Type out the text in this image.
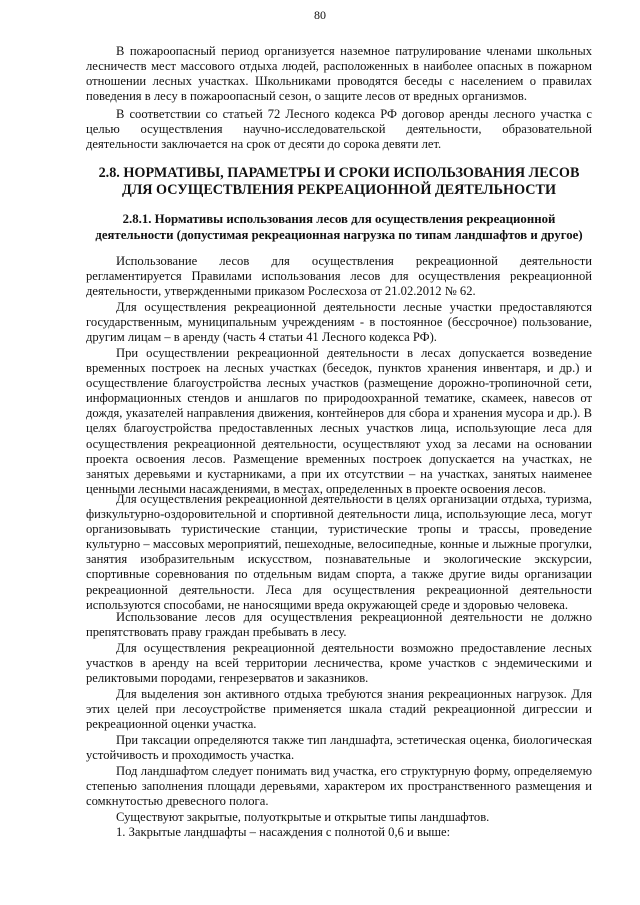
80

В пожароопасный период организуется наземное патрулирование членами школьных лесничеств мест массового отдыха людей, расположенных в наиболее опасных в пожарном отношении лесных участках. Школьниками проводятся беседы с населением о правилах поведения в лесу в пожароопасный сезон, о защите лесов от вредных организмов.

В соответствии со статьей 72 Лесного кодекса РФ договор аренды лесного участка с целью осуществления научно-исследовательской деятельности, образовательной деятельности заключается на срок от десяти до сорока девяти лет.

2.8. НОРМАТИВЫ, ПАРАМЕТРЫ И СРОКИ ИСПОЛЬЗОВАНИЯ ЛЕСОВ ДЛЯ ОСУЩЕСТВЛЕНИЯ РЕКРЕАЦИОННОЙ ДЕЯТЕЛЬНОСТИ
2.8.1. Нормативы использования лесов для осуществления рекреационной деятельности (допустимая рекреационная нагрузка по типам ландшафтов и другое)

Использование лесов для осуществления рекреационной деятельности регламентируется Правилами использования лесов для осуществления рекреационной деятельности, утвержденными приказом Рослесхоза от 21.02.2012 № 62.

Для осуществления рекреационной деятельности лесные участки предоставляются государственным, муниципальным учреждениям - в постоянное (бессрочное) пользование, другим лицам – в аренду (часть 4 статьи 41 Лесного кодекса РФ).

При осуществлении рекреационной деятельности в лесах допускается возведение временных построек на лесных участках (беседок, пунктов хранения инвентаря, и др.) и осуществление благоустройства лесных участков (размещение дорожно-тропиночной сети, информационных стендов и аншлагов по природоохранной тематике, скамеек, навесов от дождя, указателей направления движения, контейнеров для сбора и хранения мусора и др.). В целях благоустройства предоставленных лесных участков лица, использующие леса для осуществления рекреационной деятельности, осуществляют уход за лесами на основании проекта освоения лесов. Размещение временных построек допускается на участках, не занятых деревьями и кустарниками, а при их отсутствии – на участках, занятых наименее ценными лесными насаждениями, в местах, определенных в проекте освоения лесов.

Для осуществления рекреационной деятельности в целях организации отдыха, туризма, физкультурно-оздоровительной и спортивной деятельности лица, использующие леса, могут организовывать туристические станции, туристические тропы и трассы, проведение культурно – массовых мероприятий, пешеходные, велосипедные, конные и лыжные прогулки, занятия изобразительным искусством, познавательные и экологические экскурсии, спортивные соревнования по отдельным видам спорта, а также другие виды организации рекреационной деятельности. Леса для осуществления рекреационной деятельности используются способами, не наносящими вреда окружающей среде и здоровью человека.

Использование лесов для осуществления рекреационной деятельности не должно препятствовать праву граждан пребывать в лесу.

Для осуществления рекреационной деятельности возможно предоставление лесных участков в аренду на всей территории лесничества, кроме участков с эндемическими и реликтовыми породами, генрезерватов и заказников.

Для выделения зон активного отдыха требуются знания рекреационных нагрузок. Для этих целей при лесоустройстве применяется шкала стадий рекреационной дигрессии и рекреационной оценки участка.

При таксации определяются также тип ландшафта, эстетическая оценка, биологическая устойчивость и проходимость участка.

Под ландшафтом следует понимать вид участка, его структурную форму, определяемую степенью заполнения площади деревьями, характером их пространственного размещения и сомкнутостью древесного полога.

Существуют закрытые, полуоткрытые и открытые типы ландшафтов.

1. Закрытые ландшафты – насаждения с полнотой 0,6 и выше:
